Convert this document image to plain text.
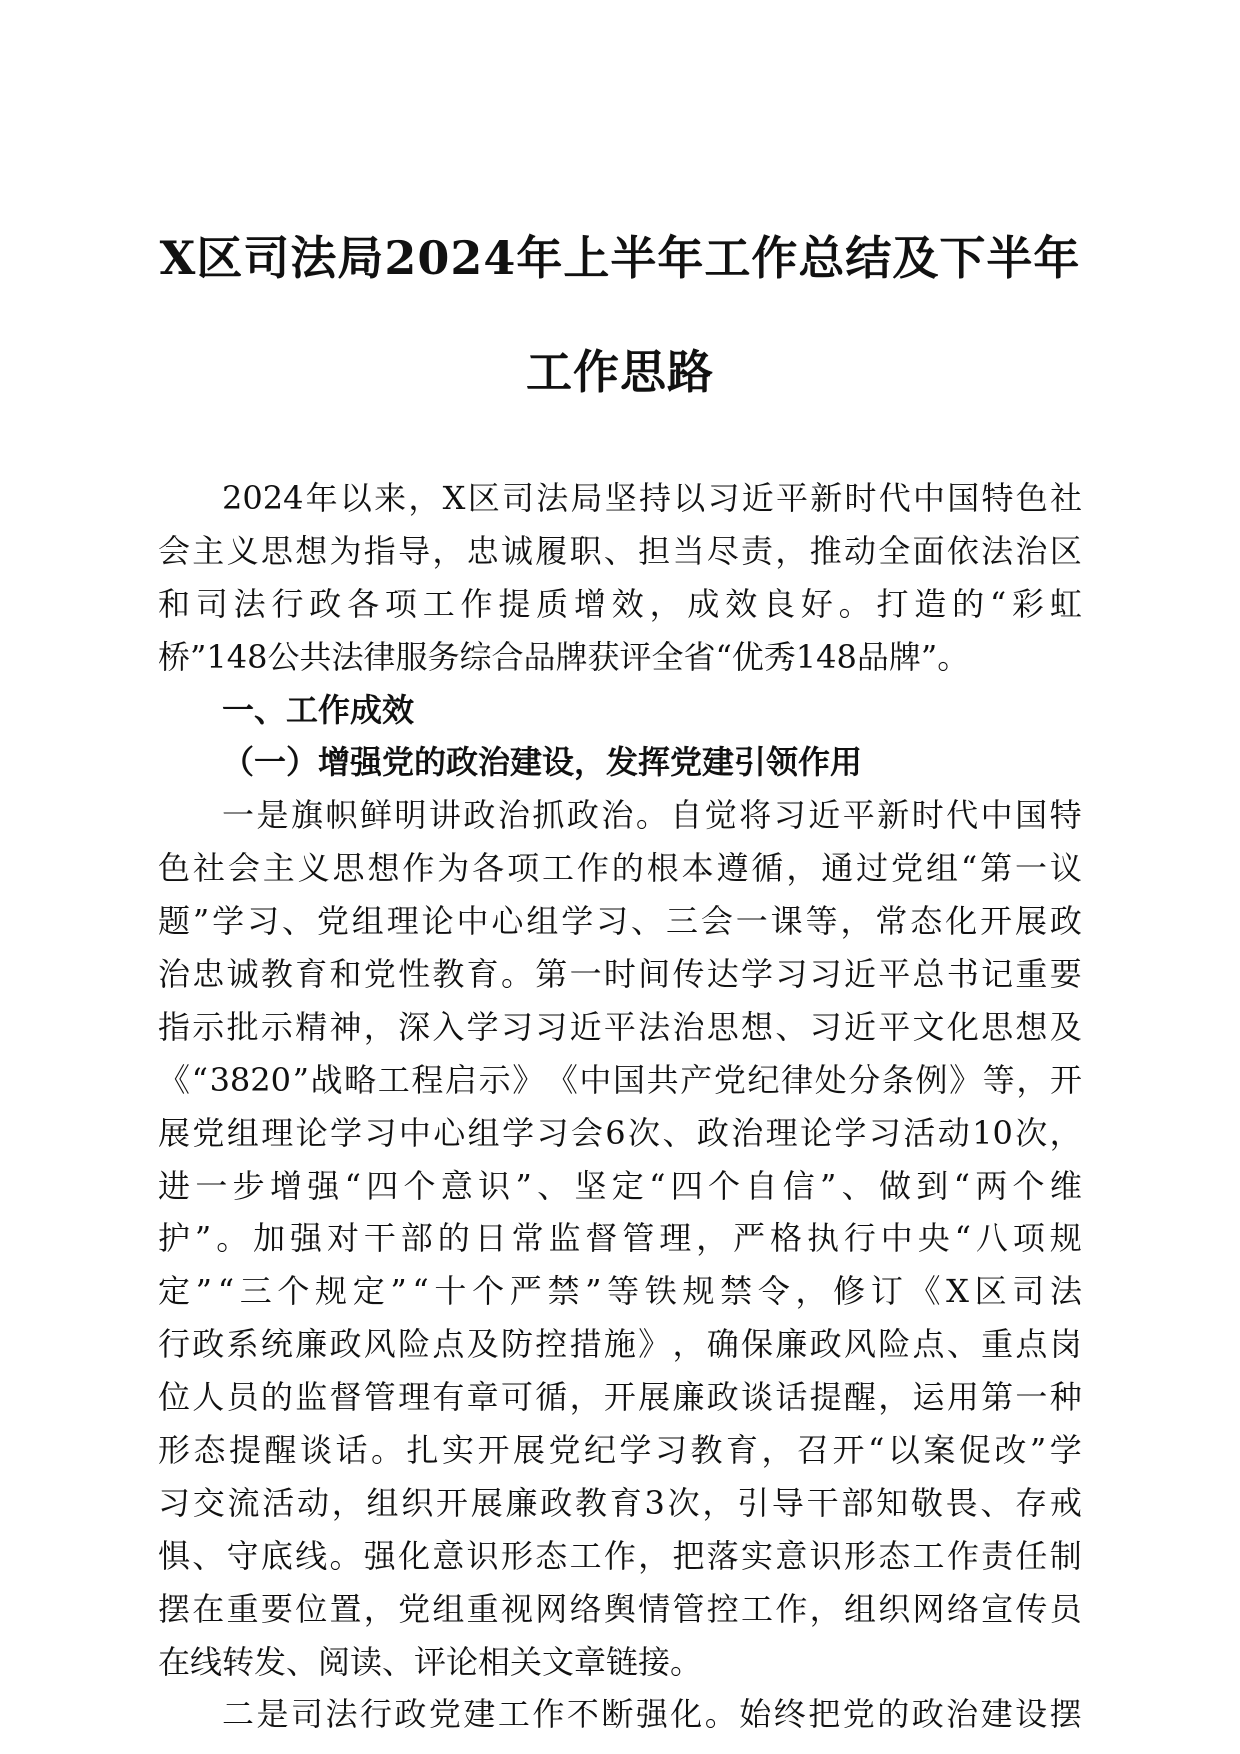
X区司法局2024年上半年工作总结及下半年
工作思路
2024 年 以 来 ， X 区 司 法 局 坚 持 以 习 近 平 新 时 代 中 国 特 色 社
会 主 义 思 想 为 指 导 ， 忠 诚 履 职 、 担 当 尽 责 ， 推 动 全 面 依 法 治 区
和 司 法 行 政 各 项 工 作 提 质 增 效 ， 成 效 良 好 。 打 造 的 “ 彩 虹
桥”148公共法律服务综合品牌获评全省“优秀148品牌”。
一、工作成效
（一）增强党的政治建设，发挥党建引领作用
一 是 旗 帜 鲜 明 讲 政 治 抓 政 治 。 自 觉 将 习 近 平 新 时 代 中 国 特
色 社 会 主 义 思 想 作 为 各 项 工 作 的 根 本 遵 循 ， 通 过 党 组 “ 第 一 议
题 ” 学 习 、 党 组 理 论 中 心 组 学 习 、 三 会 一 课 等 ， 常 态 化 开 展 政
治 忠 诚 教 育 和 党 性 教 育 。 第 一 时 间 传 达 学 习 习 近 平 总 书 记 重 要
指 示 批 示 精 神 ， 深 入 学 习 习 近 平 法 治 思 想 、 习 近 平 文 化 思 想 及
《 “ 3820 ” 战 略 工 程 启 示 》 《 中 国 共 产 党 纪 律 处 分 条 例 》 等 ， 开
展 党 组 理 论 学 习 中 心 组 学 习 会 6 次 、 政 治 理 论 学 习 活 动 10 次 ，
进 一 步 增 强 “ 四 个 意 识 ” 、 坚 定 “ 四 个 自 信 ” 、 做 到 “ 两 个 维
护 ” 。 加 强 对 干 部 的 日 常 监 督 管 理 ， 严 格 执 行 中 央 “ 八 项 规
定 ” “ 三 个 规 定 ” “ 十 个 严 禁 ” 等 铁 规 禁 令 ， 修 订 《 X 区 司 法
行 政 系 统 廉 政 风 险 点 及 防 控 措 施 》 ， 确 保 廉 政 风 险 点 、 重 点 岗
位 人 员 的 监 督 管 理 有 章 可 循 ， 开 展 廉 政 谈 话 提 醒 ， 运 用 第 一 种
形 态 提 醒 谈 话 。 扎 实 开 展 党 纪 学 习 教 育 ， 召 开 “ 以 案 促 改 ” 学
习 交 流 活 动 ， 组 织 开 展 廉 政 教 育 3 次 ， 引 导 干 部 知 敬 畏 、 存 戒
惧 、 守 底 线 。 强 化 意 识 形 态 工 作 ， 把 落 实 意 识 形 态 工 作 责 任 制
摆 在 重 要 位 置 ， 党 组 重 视 网 络 舆 情 管 控 工 作 ， 组 织 网 络 宣 传 员
在线转发、阅读、评论相关文章链接。
二 是 司 法 行 政 党 建 工 作 不 断 强 化 。 始 终 把 党 的 政 治 建 设 摆
